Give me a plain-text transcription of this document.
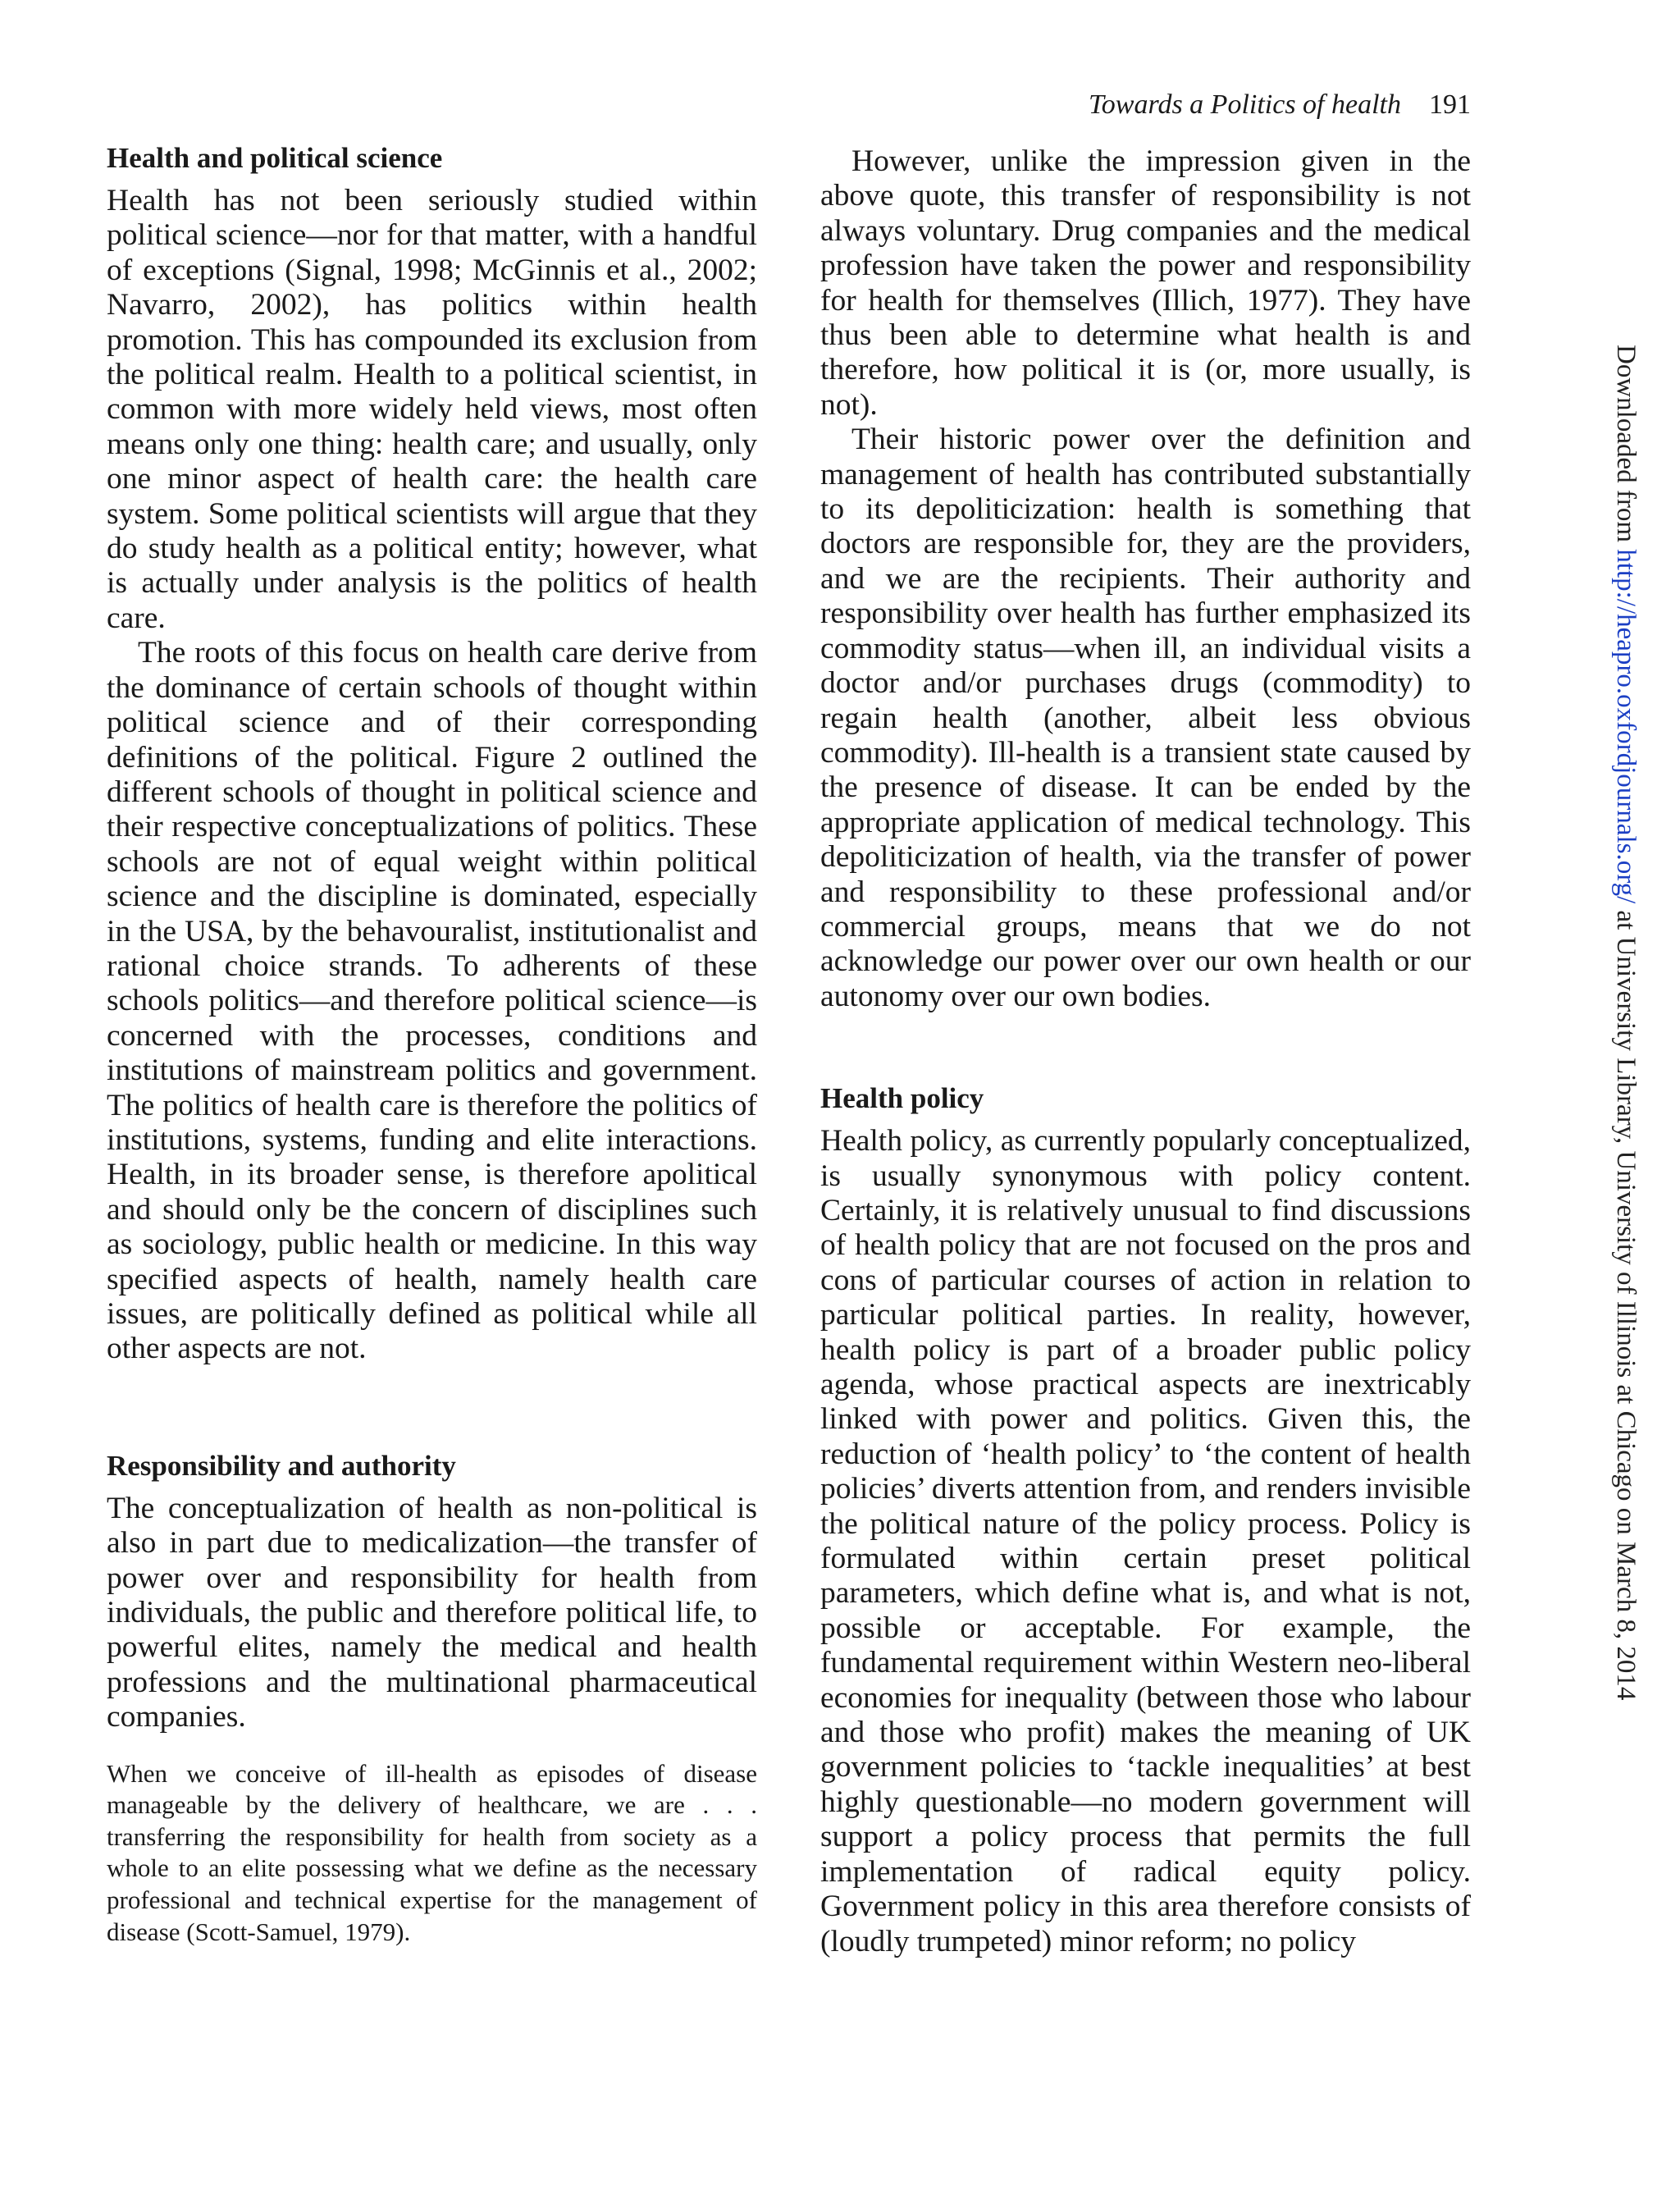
Towards a Politics of health 191
Health and political science

Health has not been seriously studied within political science—nor for that matter, with a handful of exceptions (Signal, 1998; McGinnis et al., 2002; Navarro, 2002), has politics within health promotion. This has compounded its exclusion from the political realm. Health to a political scientist, in common with more widely held views, most often means only one thing: health care; and usually, only one minor aspect of health care: the health care system. Some political scientists will argue that they do study health as a political entity; however, what is actually under analysis is the politics of health care.

The roots of this focus on health care derive from the dominance of certain schools of thought within political science and of their corresponding definitions of the political. Figure 2 outlined the different schools of thought in political science and their respective conceptualizations of politics. These schools are not of equal weight within political science and the discipline is dominated, especially in the USA, by the behavouralist, institutionalist and rational choice strands. To adherents of these schools politics—and therefore political science—is concerned with the processes, conditions and institutions of mainstream politics and government. The politics of health care is therefore the politics of institutions, systems, funding and elite interactions. Health, in its broader sense, is therefore apolitical and should only be the concern of disciplines such as sociology, public health or medicine. In this way specified aspects of health, namely health care issues, are politically defined as political while all other aspects are not.

Responsibility and authority

The conceptualization of health as non-political is also in part due to medicalization—the transfer of power over and responsibility for health from individuals, the public and therefore political life, to powerful elites, namely the medical and health professions and the multinational pharmaceutical companies.

When we conceive of ill-health as episodes of disease manageable by the delivery of healthcare, we are . . . transferring the responsibility for health from society as a whole to an elite possessing what we define as the necessary professional and technical expertise for the management of disease (Scott-Samuel, 1979).

However, unlike the impression given in the above quote, this transfer of responsibility is not always voluntary. Drug companies and the medical profession have taken the power and responsibility for health for themselves (Illich, 1977). They have thus been able to determine what health is and therefore, how political it is (or, more usually, is not).

Their historic power over the definition and management of health has contributed substantially to its depoliticization: health is something that doctors are responsible for, they are the providers, and we are the recipients. Their authority and responsibility over health has further emphasized its commodity status—when ill, an individual visits a doctor and/or purchases drugs (commodity) to regain health (another, albeit less obvious commodity). Ill-health is a transient state caused by the presence of disease. It can be ended by the appropriate application of medical technology. This depoliticization of health, via the transfer of power and responsibility to these professional and/or commercial groups, means that we do not acknowledge our power over our own health or our autonomy over our own bodies.

Health policy

Health policy, as currently popularly conceptualized, is usually synonymous with policy content. Certainly, it is relatively unusual to find discussions of health policy that are not focused on the pros and cons of particular courses of action in relation to particular political parties. In reality, however, health policy is part of a broader public policy agenda, whose practical aspects are inextricably linked with power and politics. Given this, the reduction of ‘health policy’ to ‘the content of health policies’ diverts attention from, and renders invisible the political nature of the policy process. Policy is formulated within certain preset political parameters, which define what is, and what is not, possible or acceptable. For example, the fundamental requirement within Western neo-liberal economies for inequality (between those who labour and those who profit) makes the meaning of UK government policies to ‘tackle inequalities’ at best highly questionable—no modern government will support a policy process that permits the full implementation of radical equity policy. Government policy in this area therefore consists of (loudly trumpeted) minor reform; no policy

Downloaded from http://heapro.oxfordjournals.org/ at University Library, University of Illinois at Chicago on March 8, 2014
